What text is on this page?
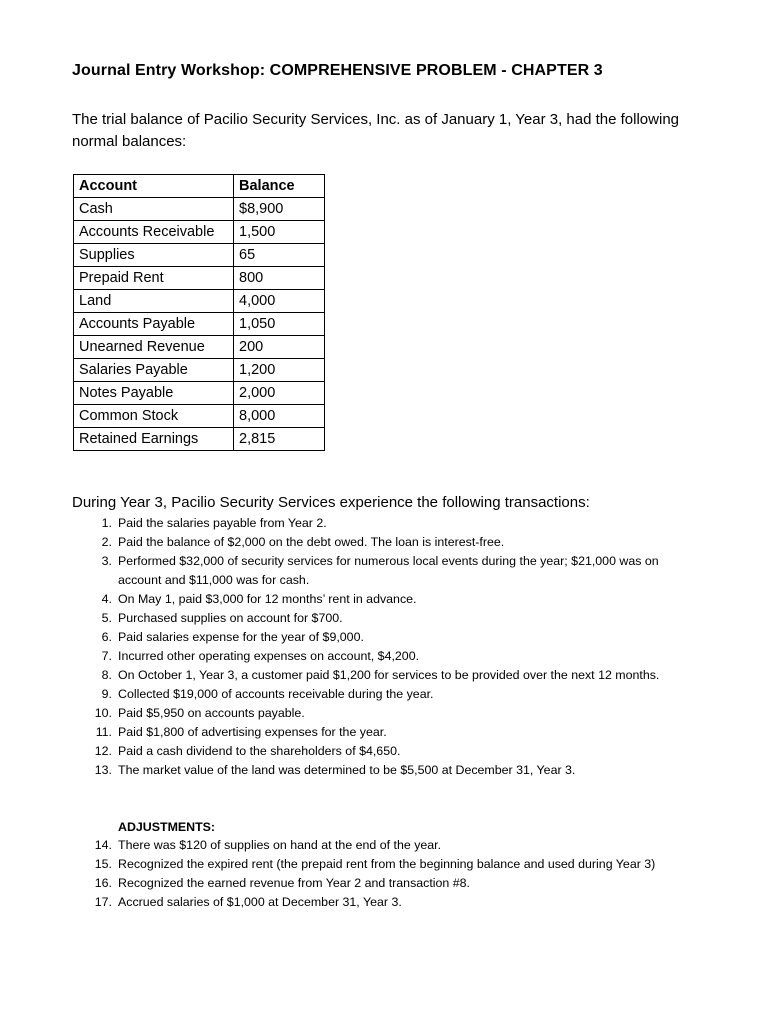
Journal Entry Workshop: COMPREHENSIVE PROBLEM - CHAPTER 3
The trial balance of Pacilio Security Services, Inc. as of January 1, Year 3, had the following normal balances:
Account	Balance
Cash	$8,900
Accounts Receivable	1,500
Supplies	65
Prepaid Rent	800
Land	4,000
Accounts Payable	1,050
Unearned Revenue	200
Salaries Payable	1,200
Notes Payable	2,000
Common Stock	8,000
Retained Earnings	2,815
During Year 3, Pacilio Security Services experience the following transactions:
1. Paid the salaries payable from Year 2.
2. Paid the balance of $2,000 on the debt owed. The loan is interest-free.
3. Performed $32,000 of security services for numerous local events during the year; $21,000 was on account and $11,000 was for cash.
4. On May 1, paid $3,000 for 12 months’ rent in advance.
5. Purchased supplies on account for $700.
6. Paid salaries expense for the year of $9,000.
7. Incurred other operating expenses on account, $4,200.
8. On October 1, Year 3, a customer paid $1,200 for services to be provided over the next 12 months.
9. Collected $19,000 of accounts receivable during the year.
10. Paid $5,950 on accounts payable.
11. Paid $1,800 of advertising expenses for the year.
12. Paid a cash dividend to the shareholders of $4,650.
13. The market value of the land was determined to be $5,500 at December 31, Year 3.
ADJUSTMENTS:
14. There was $120 of supplies on hand at the end of the year.
15. Recognized the expired rent (the prepaid rent from the beginning balance and used during Year 3)
16. Recognized the earned revenue from Year 2 and transaction #8.
17. Accrued salaries of $1,000 at December 31, Year 3.
